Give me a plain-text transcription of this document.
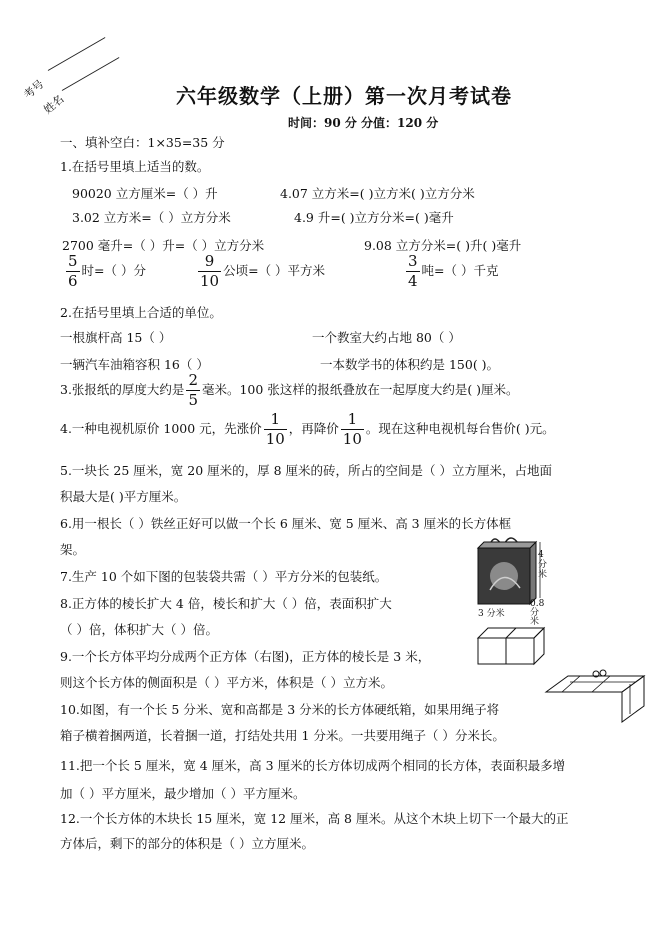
考号
姓名	六年级数学（上册）第一次月考试卷
时间：90 分 分值：120 分
一、填补空白：1×35=35 分
1.在括号里填上适当的数。
90020 立方厘米=（ ）升	4.07 立方米=( )立方米( )立方分米
3.02 立方米=（ ）立方分米	4.9 升=( )立方分米=( )毫升
2700 毫升=（ ）升=（ ）立方分米	9.08 立方分米=( )升( )毫升
$\frac{5}{6}$ 时=（ ）分	$\frac{9}{10}$ 公顷=（ ）平方米	$\frac{3}{4}$ 吨=（ ）千克
2.在括号里填上合适的单位。
一根旗杆高 15（ ）	一个教室大约占地 80（ ）
一辆汽车油箱容积 16（ ）	一本数学书的体积约是 150( )。
3.张报纸的厚度大约是 $\frac{2}{5}$ 毫米。100 张这样的报纸叠放在一起厚度大约是( )厘米。
4.一种电视机原价 1000 元，先涨价 $\frac{1}{10}$ ，再降价 $\frac{1}{10}$ 。现在这种电视机每台售价( )元。
5.一块长 25 厘米，宽 20 厘米的，厚 8 厘米的砖，所占的空间是（ ）立方厘米，占地面
积最大是( )平方厘米。
6.用一根长（ ）铁丝正好可以做一个长 6 厘米、宽 5 厘米、高 3 厘米的长方体框
架。
7.生产 10 个如下图的包装袋共需（ ）平方分米的包装纸。
8.正方体的棱长扩大 4 倍，棱长和扩大（ ）倍，表面积扩大
（ ）倍，体积扩大（ ）倍。
9.一个长方体平均分成两个正方体（右图)，正方体的棱长是 3 米，
则这个长方体的侧面积是（ ）平方米，体积是（ ）立方米。
10.如图，有一个长 5 分米、宽和高都是 3 分米的长方体硬纸箱，如果用绳子将
箱子横着捆两道，长着捆一道，打结处共用 1 分米。一共要用绳子（ ）分米长。
11.把一个长 5 厘米，宽 4 厘米，高 3 厘米的长方体切成两个相同的长方体，表面积最多增
加（ ）平方厘米，最少增加（ ）平方厘米。
12.一个长方体的木块长 15 厘米，宽 12 厘米，高 8 厘米。从这个木块上切下一个最大的正
方体后，剩下的部分的体积是（ ）立方厘米。
4 分米
3 分米
0.8 分米
